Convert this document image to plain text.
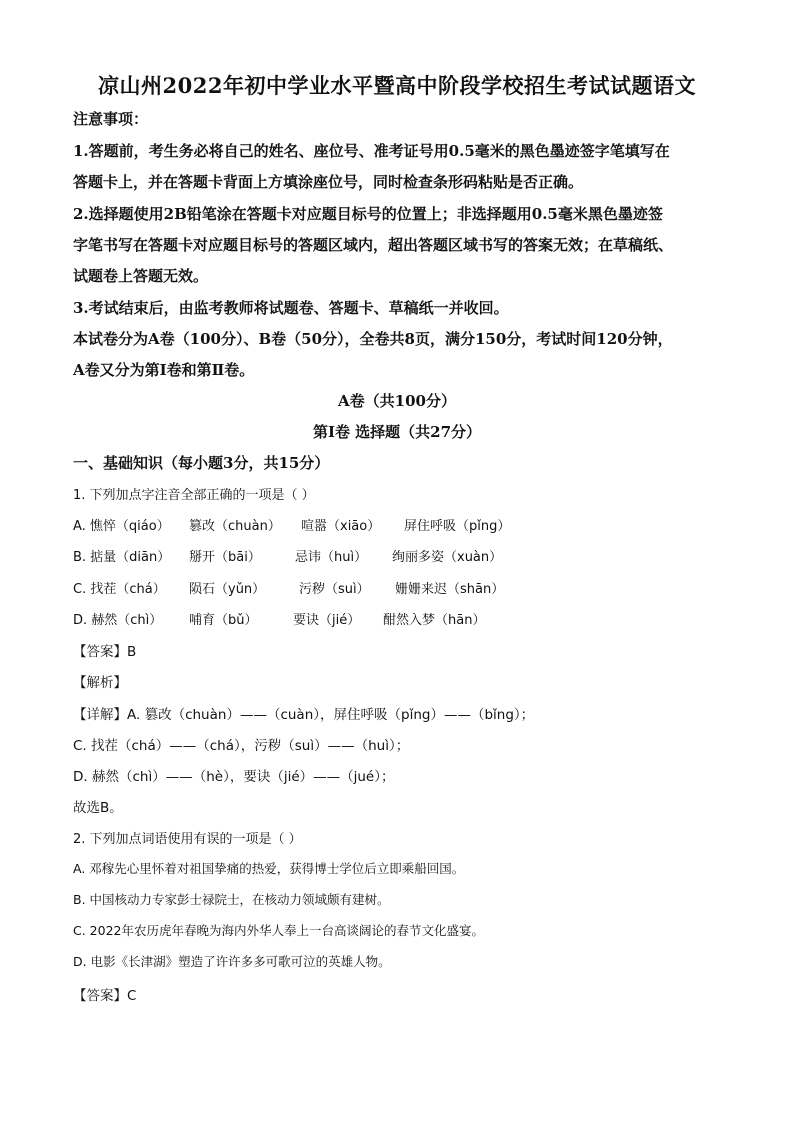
凉山州2022年初中学业水平暨高中阶段学校招生考试试题语文
注意事项：
1.答题前，考生务必将自己的姓名、座位号、准考证号用0.5毫米的黑色墨迹签字笔填写在
答题卡上，并在答题卡背面上方填涂座位号，同时检查条形码粘贴是否正确。
2.选择题使用2B铅笔涂在答题卡对应题目标号的位置上；非选择题用0.5毫米黑色墨迹签
字笔书写在答题卡对应题目标号的答题区域内，超出答题区域书写的答案无效；在草稿纸、
试题卷上答题无效。
3.考试结束后，由监考教师将试题卷、答题卡、草稿纸一并收回。
本试卷分为A卷（100分）、B卷（50分），全卷共8页，满分150分，考试时间120分钟，
A卷又分为第Ⅰ卷和第Ⅱ卷。
A卷（共100分）
第Ⅰ卷 选择题（共27分）
一、基础知识（每小题3分，共15分）
1. 下列加点字注音全部正确的一项是（ ）
A. 憔悴（qiáo） 篡改（chuàn） 喧嚣（xiāo） 屏住呼吸（pǐng）
B. 掂量（diān） 掰开（bāi）	忌讳（huì） 绚丽多姿（xuàn）
C. 找茬（chá） 陨石（yǔn）	污秽（suì） 姗姗来迟（shān）
D. 赫然（chì） 哺育（bǔ）	要诀（jié） 酣然入梦（hān）
【答案】B
【解析】
【详解】A. 篡改（chuàn）——（cuàn），屏住呼吸（pǐng）——（bǐng）；
C. 找茬（chá）——（chá），污秽（suì）——（huì）；
D. 赫然（chì）——（hè），要诀（jié）——（jué）；
故选B。
2. 下列加点词语使用有误的一项是（ ）
A. 邓稼先心里怀着对祖国挚痛的热爱，获得博士学位后立即乘船回国。
B. 中国核动力专家彭士禄院士，在核动力领域颇有建树。
C. 2022年农历虎年春晚为海内外华人奉上一台高谈阔论的春节文化盛宴。
D. 电影《长津湖》塑造了许许多多可歌可泣的英雄人物。
【答案】C
